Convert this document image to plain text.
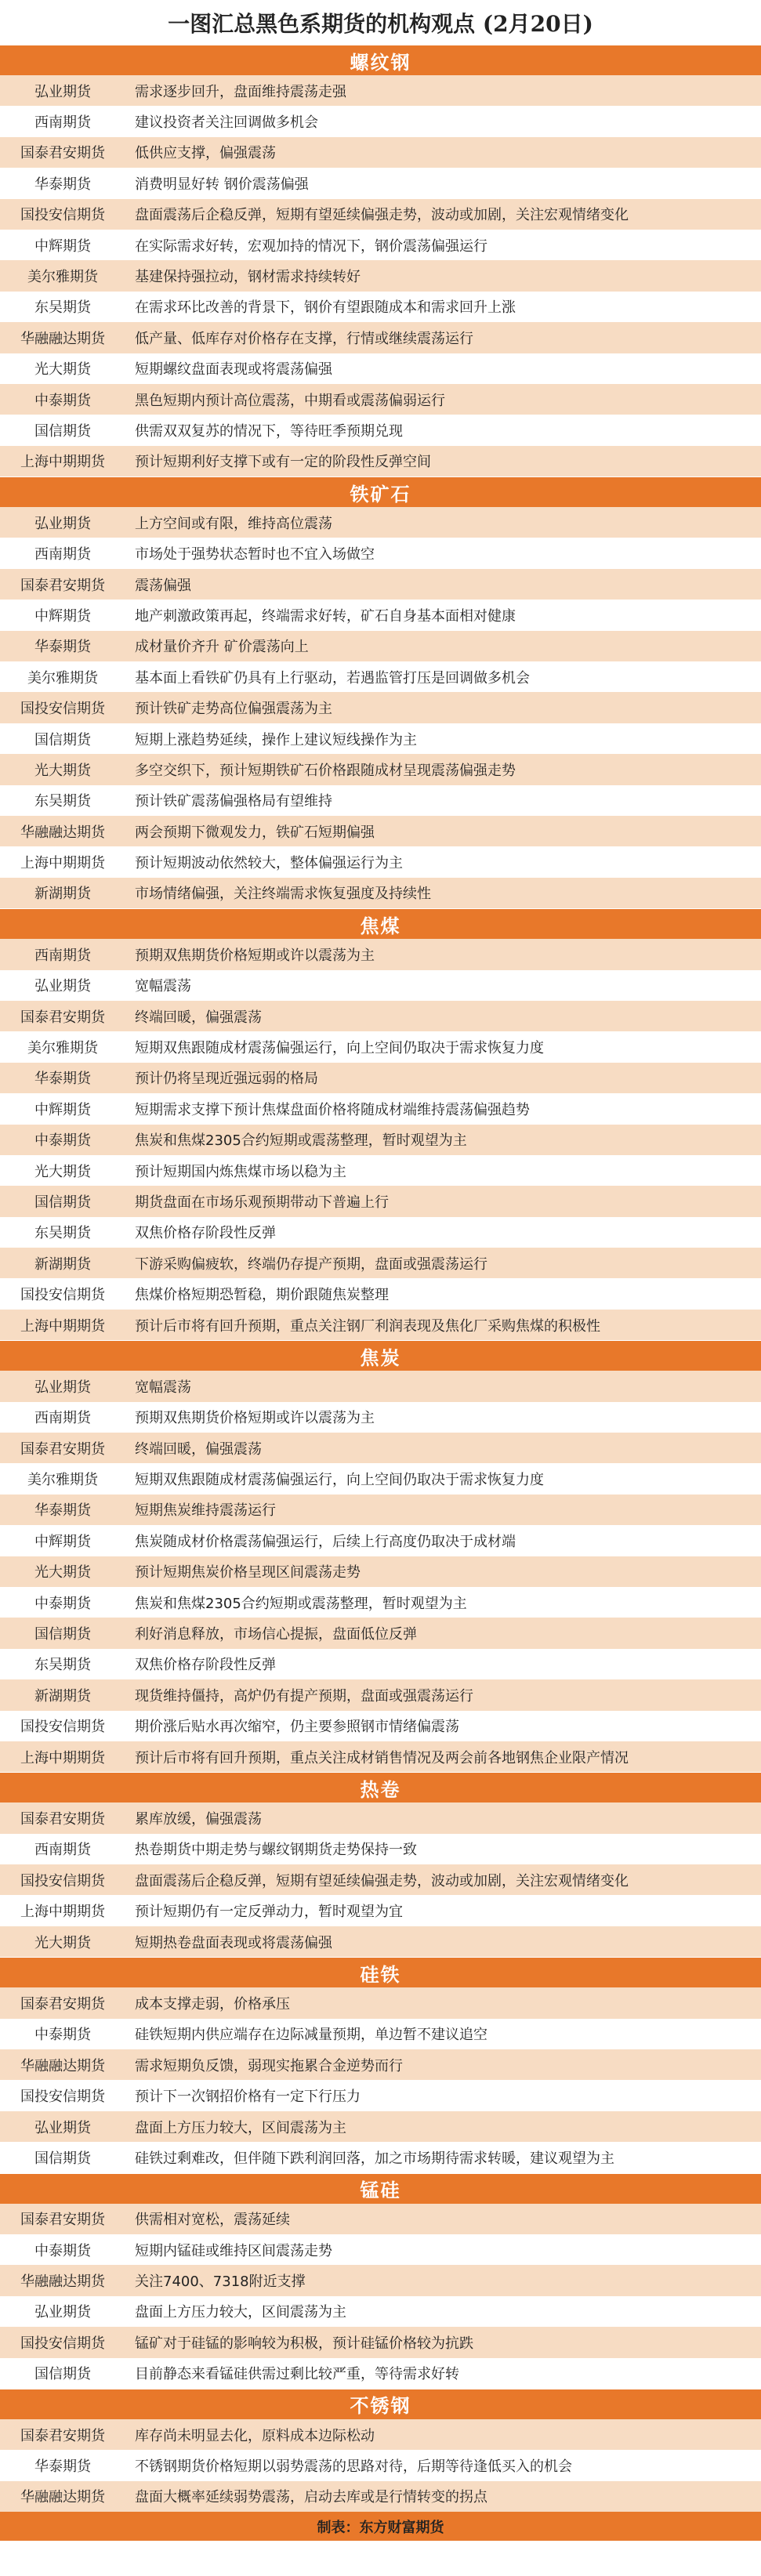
一图汇总黑色系期货的机构观点 (2月20日)
螺纹钢
弘业期货	需求逐步回升，盘面维持震荡走强
西南期货	建议投资者关注回调做多机会
国泰君安期货	低供应支撑，偏强震荡
华泰期货	消费明显好转 钢价震荡偏强
国投安信期货	盘面震荡后企稳反弹，短期有望延续偏强走势，波动或加剧，关注宏观情绪变化
中辉期货	在实际需求好转，宏观加持的情况下，钢价震荡偏强运行
美尔雅期货	基建保持强拉动，钢材需求持续转好
东吴期货	在需求环比改善的背景下，钢价有望跟随成本和需求回升上涨
华融融达期货	低产量、低库存对价格存在支撑，行情或继续震荡运行
光大期货	短期螺纹盘面表现或将震荡偏强
中泰期货	黑色短期内预计高位震荡，中期看或震荡偏弱运行
国信期货	供需双双复苏的情况下，等待旺季预期兑现
上海中期期货	预计短期利好支撑下或有一定的阶段性反弹空间
铁矿石
弘业期货	上方空间或有限，维持高位震荡
西南期货	市场处于强势状态暂时也不宜入场做空
国泰君安期货	震荡偏强
中辉期货	地产刺激政策再起，终端需求好转，矿石自身基本面相对健康
华泰期货	成材量价齐升 矿价震荡向上
美尔雅期货	基本面上看铁矿仍具有上行驱动，若遇监管打压是回调做多机会
国投安信期货	预计铁矿走势高位偏强震荡为主
国信期货	短期上涨趋势延续，操作上建议短线操作为主
光大期货	多空交织下，预计短期铁矿石价格跟随成材呈现震荡偏强走势
东吴期货	预计铁矿震荡偏强格局有望维持
华融融达期货	两会预期下微观发力，铁矿石短期偏强
上海中期期货	预计短期波动依然较大，整体偏强运行为主
新湖期货	市场情绪偏强，关注终端需求恢复强度及持续性
焦煤
西南期货	预期双焦期货价格短期或许以震荡为主
弘业期货	宽幅震荡
国泰君安期货	终端回暖，偏强震荡
美尔雅期货	短期双焦跟随成材震荡偏强运行，向上空间仍取决于需求恢复力度
华泰期货	预计仍将呈现近强远弱的格局
中辉期货	短期需求支撑下预计焦煤盘面价格将随成材端维持震荡偏强趋势
中泰期货	焦炭和焦煤2305合约短期或震荡整理，暂时观望为主
光大期货	预计短期国内炼焦煤市场以稳为主
国信期货	期货盘面在市场乐观预期带动下普遍上行
东吴期货	双焦价格存阶段性反弹
新湖期货	下游采购偏疲软，终端仍存提产预期，盘面或强震荡运行
国投安信期货	焦煤价格短期恐暂稳，期价跟随焦炭整理
上海中期期货	预计后市将有回升预期，重点关注钢厂利润表现及焦化厂采购焦煤的积极性
焦炭
弘业期货	宽幅震荡
西南期货	预期双焦期货价格短期或许以震荡为主
国泰君安期货	终端回暖，偏强震荡
美尔雅期货	短期双焦跟随成材震荡偏强运行，向上空间仍取决于需求恢复力度
华泰期货	短期焦炭维持震荡运行
中辉期货	焦炭随成材价格震荡偏强运行，后续上行高度仍取决于成材端
光大期货	预计短期焦炭价格呈现区间震荡走势
中泰期货	焦炭和焦煤2305合约短期或震荡整理，暂时观望为主
国信期货	利好消息释放，市场信心提振，盘面低位反弹
东吴期货	双焦价格存阶段性反弹
新湖期货	现货维持僵持，高炉仍有提产预期，盘面或强震荡运行
国投安信期货	期价涨后贴水再次缩窄，仍主要参照钢市情绪偏震荡
上海中期期货	预计后市将有回升预期，重点关注成材销售情况及两会前各地钢焦企业限产情况
热卷
国泰君安期货	累库放缓，偏强震荡
西南期货	热卷期货中期走势与螺纹钢期货走势保持一致
国投安信期货	盘面震荡后企稳反弹，短期有望延续偏强走势，波动或加剧，关注宏观情绪变化
上海中期期货	预计短期仍有一定反弹动力，暂时观望为宜
光大期货	短期热卷盘面表现或将震荡偏强
硅铁
国泰君安期货	成本支撑走弱，价格承压
中泰期货	硅铁短期内供应端存在边际减量预期，单边暂不建议追空
华融融达期货	需求短期负反馈，弱现实拖累合金逆势而行
国投安信期货	预计下一次钢招价格有一定下行压力
弘业期货	盘面上方压力较大，区间震荡为主
国信期货	硅铁过剩难改，但伴随下跌利润回落，加之市场期待需求转暖，建议观望为主
锰硅
国泰君安期货	供需相对宽松，震荡延续
中泰期货	短期内锰硅或维持区间震荡走势
华融融达期货	关注7400、7318附近支撑
弘业期货	盘面上方压力较大，区间震荡为主
国投安信期货	锰矿对于硅锰的影响较为积极，预计硅锰价格较为抗跌
国信期货	目前静态来看锰硅供需过剩比较严重，等待需求好转
不锈钢
国泰君安期货	库存尚未明显去化，原料成本边际松动
华泰期货	不锈钢期货价格短期以弱势震荡的思路对待，后期等待逢低买入的机会
华融融达期货	盘面大概率延续弱势震荡，启动去库或是行情转变的拐点
制表：东方财富期货
